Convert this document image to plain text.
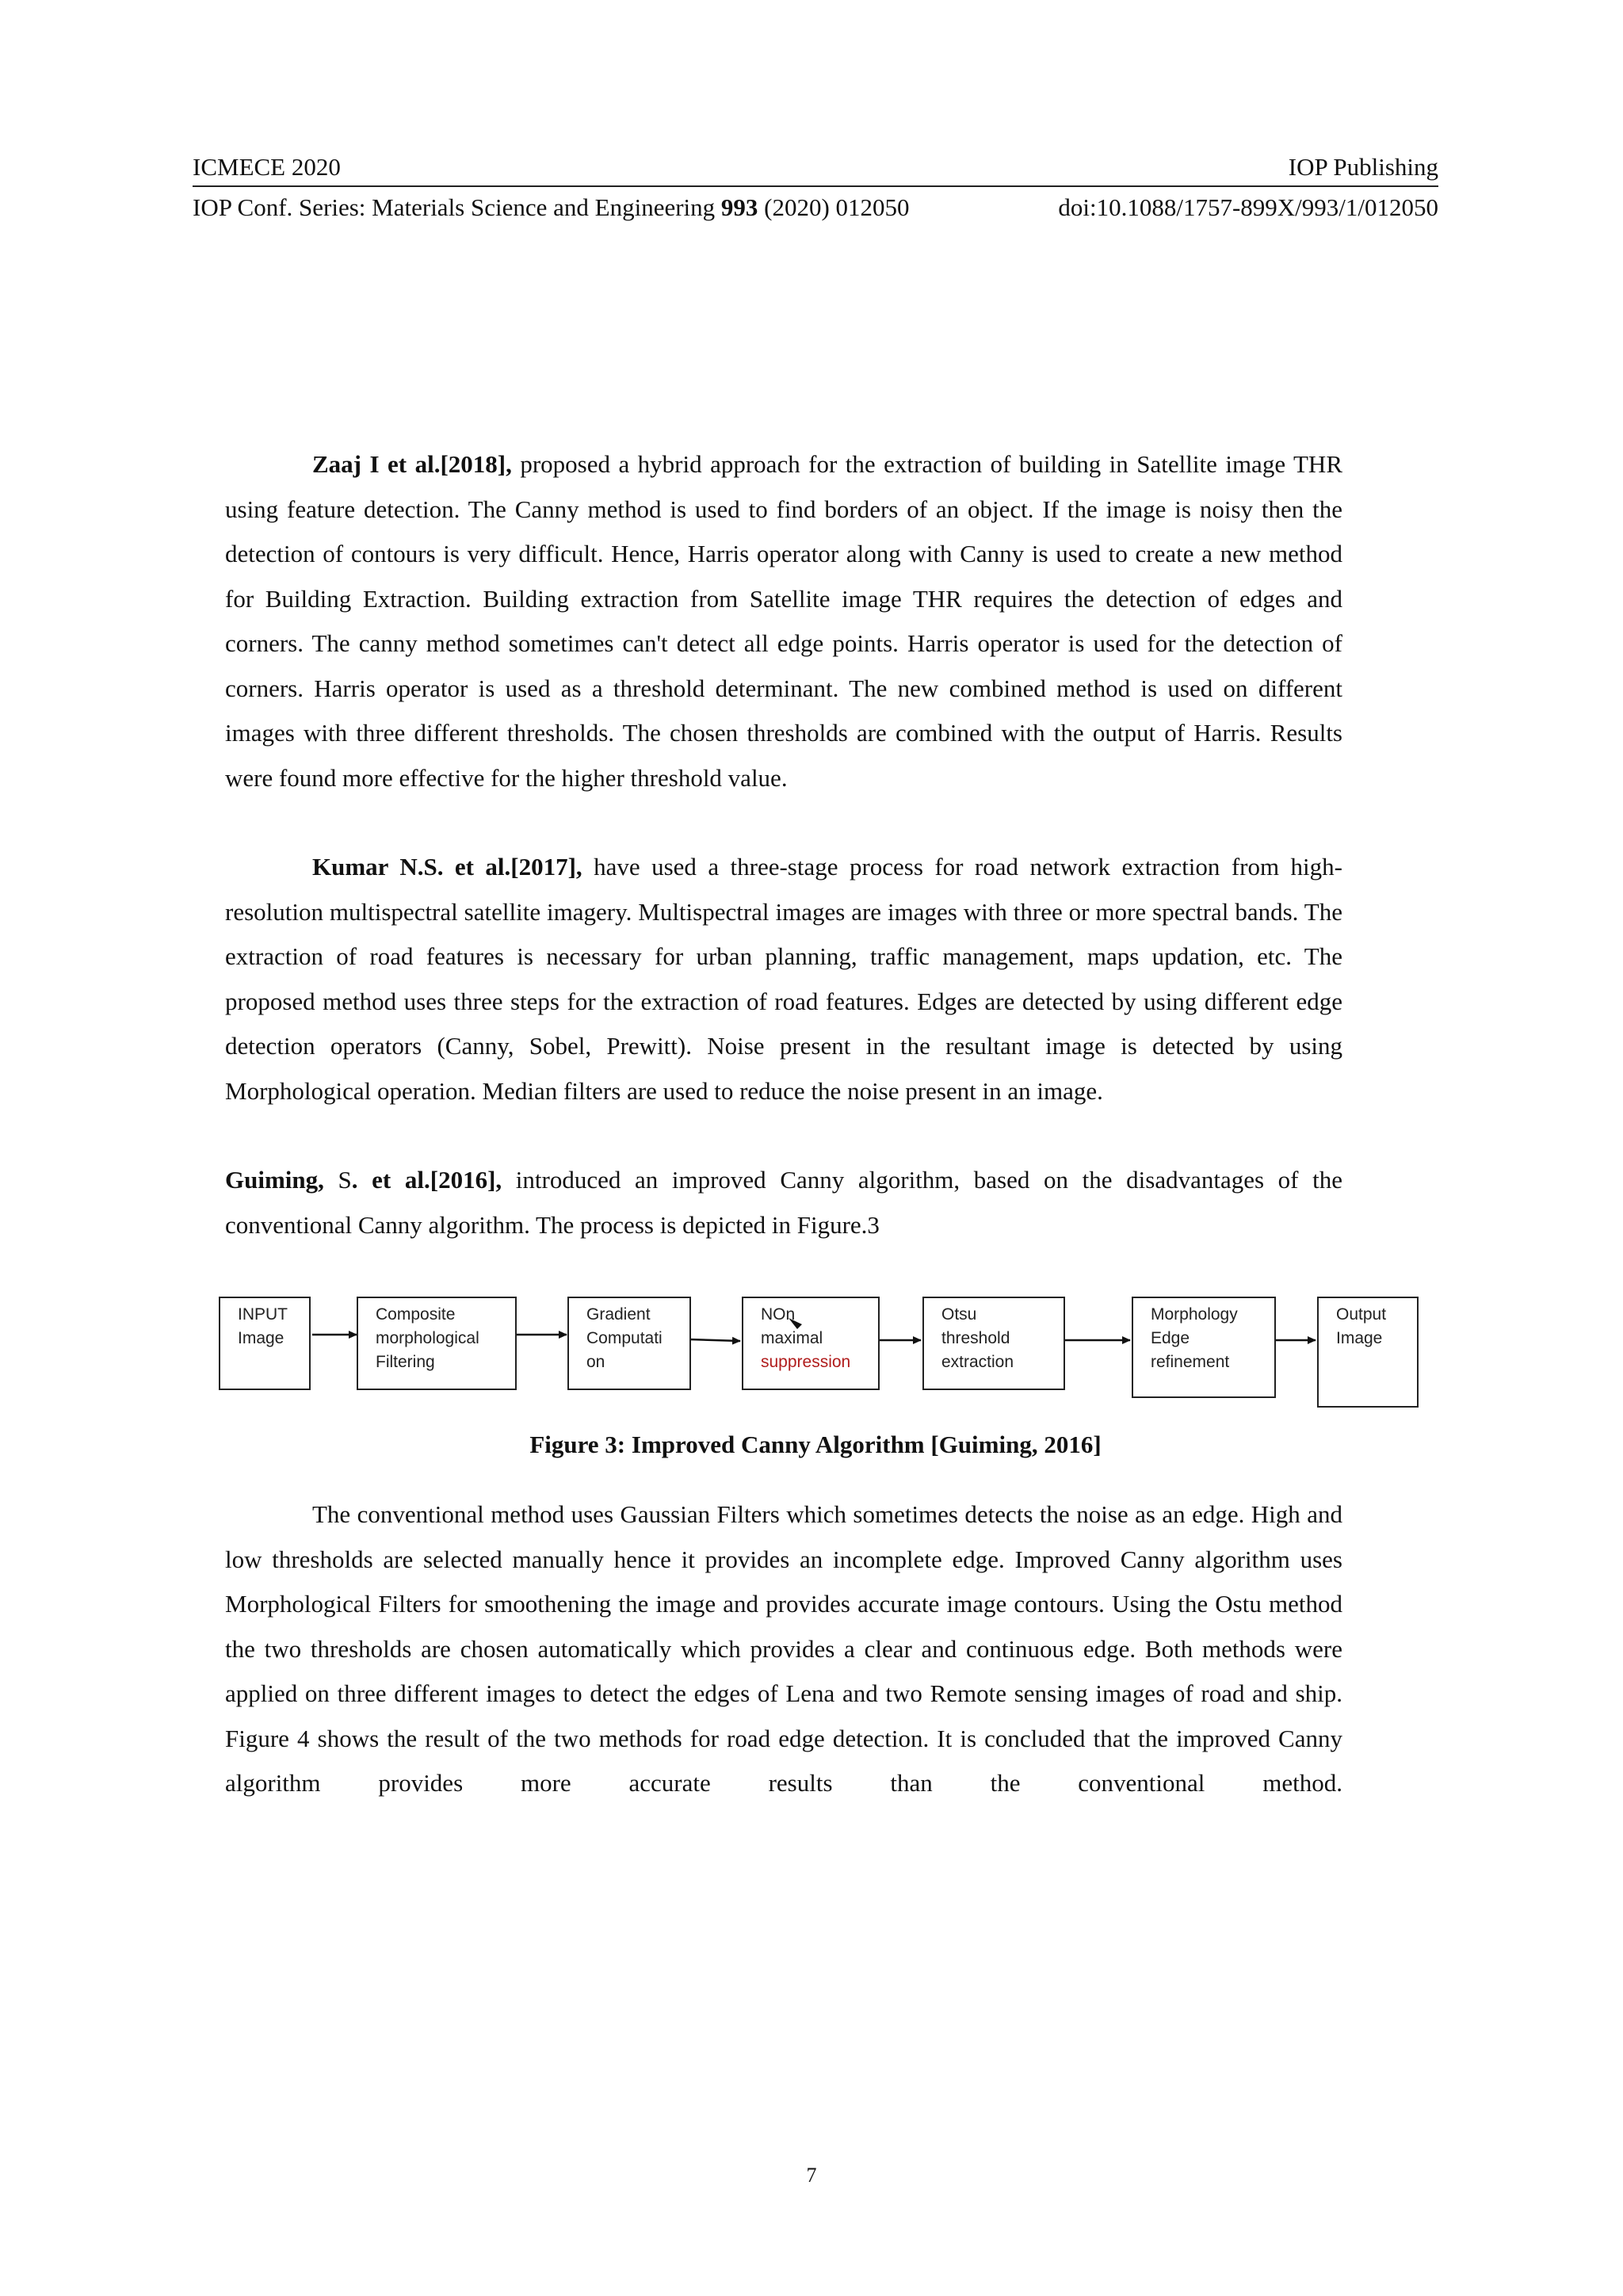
ICMECE 2020	IOP Publishing
IOP Conf. Series: Materials Science and Engineering 993 (2020) 012050	doi:10.1088/1757-899X/993/1/012050

Zaaj I et al.[2018], proposed a hybrid approach for the extraction of building in Satellite image THR using feature detection. The Canny method is used to find borders of an object. If the image is noisy then the detection of contours is very difficult. Hence, Harris operator along with Canny is used to create a new method for Building Extraction. Building extraction from Satellite image THR requires the detection of edges and corners. The canny method sometimes can't detect all edge points. Harris operator is used for the detection of corners. Harris operator is used as a threshold determinant. The new combined method is used on different images with three different thresholds. The chosen thresholds are combined with the output of Harris. Results were found more effective for the higher threshold value.

Kumar N.S. et al.[2017], have used a three-stage process for road network extraction from high-resolution multispectral satellite imagery. Multispectral images are images with three or more spectral bands. The extraction of road features is necessary for urban planning, traffic management, maps updation, etc. The proposed method uses three steps for the extraction of road features. Edges are detected by using different edge detection operators (Canny, Sobel, Prewitt). Noise present in the resultant image is detected by using Morphological operation. Median filters are used to reduce the noise present in an image.

Guiming, S. et al.[2016], introduced an improved Canny algorithm, based on the disadvantages of the conventional Canny algorithm. The process is depicted in Figure.3

INPUT
Image
Composite
morphological
Filtering
Gradient
Computati
on
NOn
maximal
suppression
Otsu
threshold
extraction
Morphology
Edge
refinement
Output
Image
Figure 3: Improved Canny Algorithm [Guiming, 2016]

The conventional method uses Gaussian Filters which sometimes detects the noise as an edge. High and low thresholds are selected manually hence it provides an incomplete edge. Improved Canny algorithm uses Morphological Filters for smoothening the image and provides accurate image contours. Using the Ostu method the two thresholds are chosen automatically which provides a clear and continuous edge. Both methods were applied on three different images to detect the edges of Lena and two Remote sensing images of road and ship. Figure 4 shows the result of the two methods for road edge detection. It is concluded that the improved Canny algorithm provides more accurate results than the conventional method.

7
